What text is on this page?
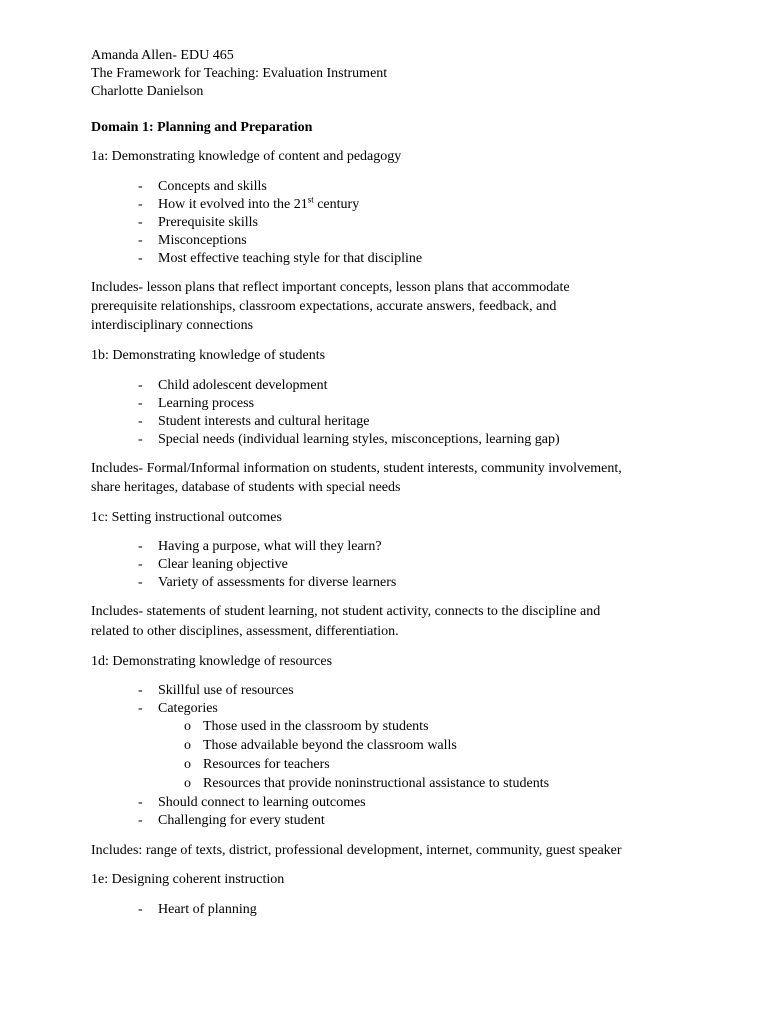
Amanda Allen- EDU 465
The Framework for Teaching: Evaluation Instrument
Charlotte Danielson
Domain 1: Planning and Preparation
1a: Demonstrating knowledge of content and pedagogy
- Concepts and skills
- How it evolved into the 21st century
- Prerequisite skills
- Misconceptions
- Most effective teaching style for that discipline
Includes- lesson plans that reflect important concepts, lesson plans that accommodate
prerequisite relationships, classroom expectations, accurate answers, feedback, and
interdisciplinary connections
1b: Demonstrating knowledge of students
- Child adolescent development
- Learning process
- Student interests and cultural heritage
- Special needs (individual learning styles, misconceptions, learning gap)
Includes- Formal/Informal information on students, student interests, community involvement,
share heritages, database of students with special needs
1c: Setting instructional outcomes
- Having a purpose, what will they learn?
- Clear leaning objective
- Variety of assessments for diverse learners
Includes- statements of student learning, not student activity, connects to the discipline and
related to other disciplines, assessment, differentiation.
1d: Demonstrating knowledge of resources
- Skillful use of resources
- Categories
o Those used in the classroom by students
o Those advailable beyond the classroom walls
o Resources for teachers
o Resources that provide noninstructional assistance to students
- Should connect to learning outcomes
- Challenging for every student
Includes: range of texts, district, professional development, internet, community, guest speaker
1e: Designing coherent instruction
- Heart of planning
